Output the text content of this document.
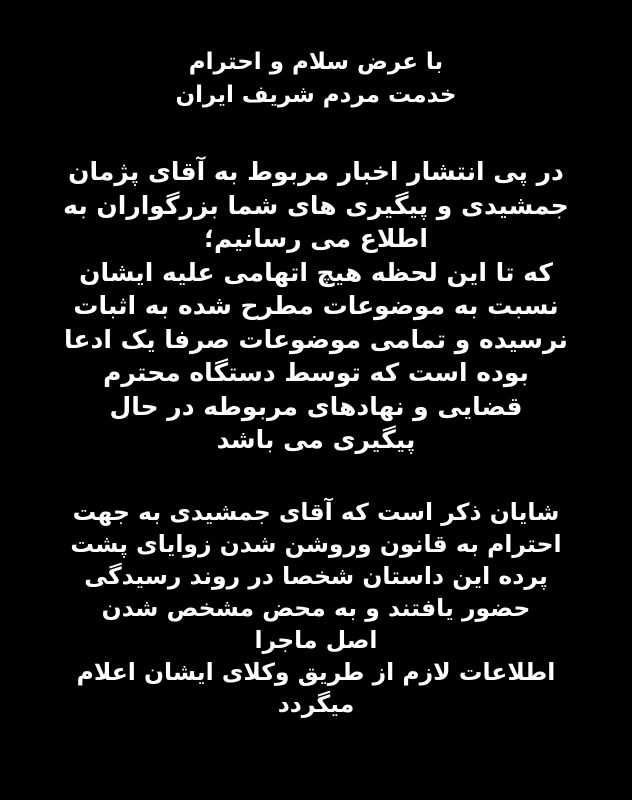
با عرض سلام و احترام
خدمت مردم شریف ایران
در پی انتشار اخبار مربوط به آقای پژمان
جمشیدی و پیگیری های شما بزرگواران به
اطلاع می رسانیم؛
که تا این لحظه هیچ اتهامی علیه ایشان
نسبت به موضوعات مطرح شده به اثبات
نرسیده و تمامی موضوعات صرفا یک ادعا
بوده است که توسط دستگاه محترم
قضایی و نهادهای مربوطه در حال
پیگیری می باشد
شایان ذکر است که آقای جمشیدی به جهت
احترام به قانون وروشن شدن زوایای پشت
پرده این داستان شخصا در روند رسیدگی
حضور یافتند و به محض مشخص شدن
اصل ماجرا
اطلاعات لازم از طریق وکلای ایشان اعلام
میگردد
